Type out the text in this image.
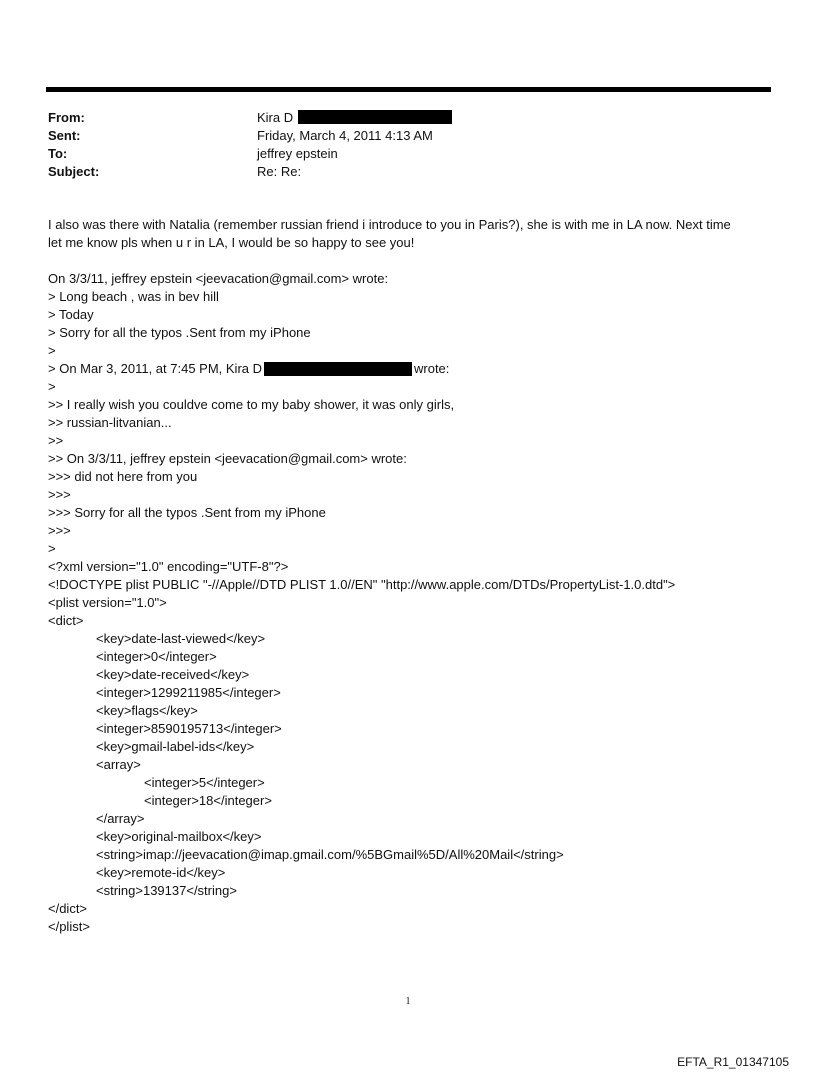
From:	Kira D
Sent:	Friday, March 4, 2011 4:13 AM
To:	jeffrey epstein
Subject:	Re: Re:
I also was there with Natalia (remember russian friend i introduce to you in Paris?), she is with me in LA now. Next time
let me know pls when u r in LA, I would be so happy to see you!
On 3/3/11, jeffrey epstein <jeevacation@gmail.com> wrote:
> Long beach , was in bev hill
> Today
> Sorry for all the typos .Sent from my iPhone
>
> On Mar 3, 2011, at 7:45 PM, Kira D	wrote:
>
>> I really wish you couldve come to my baby shower, it was only girls,
>> russian-litvanian...
>>
>> On 3/3/11, jeffrey epstein <jeevacation@gmail.com> wrote:
>>> did not here from you
>>>
>>> Sorry for all the typos .Sent from my iPhone
>>>
>
<?xml version="1.0" encoding="UTF-8"?>
<!DOCTYPE plist PUBLIC "-//Apple//DTD PLIST 1.0//EN" "http://www.apple.com/DTDs/PropertyList-1.0.dtd">
<plist version="1.0">
<dict>
<key>date-last-viewed</key>
<integer>0</integer>
<key>date-received</key>
<integer>1299211985</integer>
<key>flags</key>
<integer>8590195713</integer>
<key>gmail-label-ids</key>
<array>
<integer>5</integer>
<integer>18</integer>
</array>
<key>original-mailbox</key>
<string>imap://jeevacation@imap.gmail.com/%5BGmail%5D/All%20Mail</string>
<key>remote-id</key>
<string>139137</string>
</dict>
</plist>
1
EFTA_R1_01347105
